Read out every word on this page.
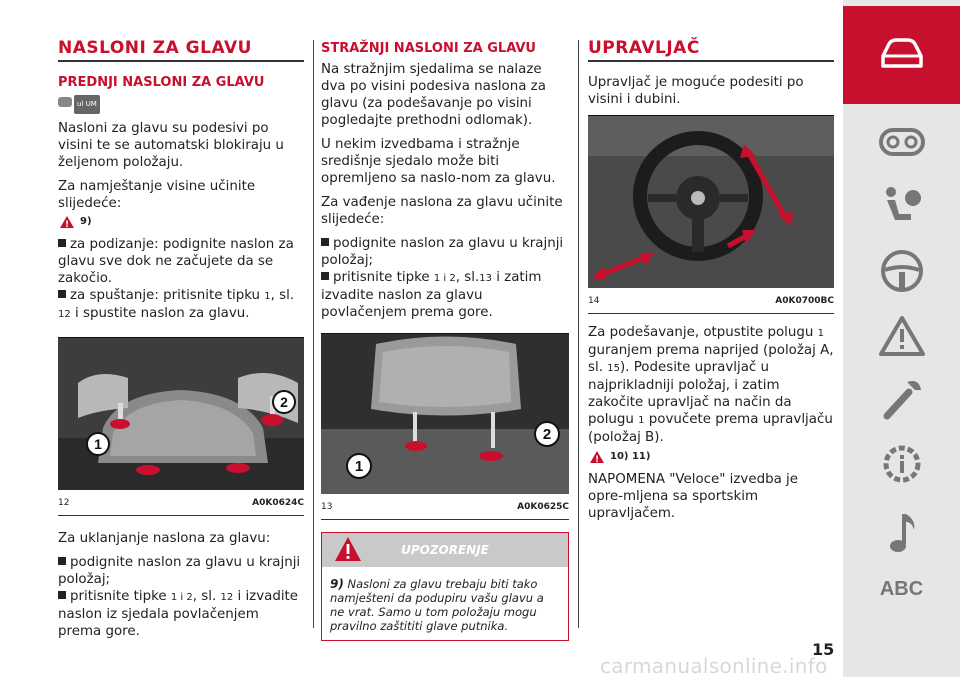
NASLONI ZA GLAVU
PREDNJI NASLONI ZA GLAVU
ul UM

Nasloni za glavu su podesivi po visini te se automatski blokiraju u željenom položaju.

Za namještanje visine učinite slijedeće:

!
9)

za podizanje: podignite naslon za glavu sve dok ne začujete da se zakočio.

za spuštanje: pritisnite tipku 1, sl. 12 i spustite naslon za glavu.

1
2
12	A0K0624C

Za uklanjanje naslona za glavu:

podignite naslon za glavu u krajnji položaj;

pritisnite tipke 1 i 2, sl. 12 i izvadite naslon iz sjedala povlačenjem prema gore.

STRAŽNJI NASLONI ZA GLAVU

Na stražnjim sjedalima se nalaze dva po visini podesiva naslona za glavu (za podešavanje po visini pogledajte prethodni odlomak).

U nekim izvedbama i stražnje središnje sjedalo može biti opremljeno sa naslo-nom za glavu.

Za vađenje naslona za glavu učinite slijedeće:

podignite naslon za glavu u krajnji položaj;

pritisnite tipke 1 i 2, sl.13 i zatim izvadite naslon za glavu povlačenjem prema gore.

1
2
13	A0K0625C
UPOZORENJE
9) Nasloni za glavu trebaju biti tako namješteni da podupiru vašu glavu a ne vrat. Samo u tom položaju mogu pravilno zaštititi glave putnika.
UPRAVLJAČ

Upravljač je moguće podesiti po visini i dubini.

14	A0K0700BC

Za podešavanje, otpustite polugu 1 guranjem prema naprijed (položaj A, sl. 15). Podesite upravljač u najprikladniji položaj, i zatim zakočite upravljač na način da polugu 1 povučete prema upravljaču (položaj B).

!
10) 11)

NAPOMENA "Veloce" izvedba je opre-mljena sa sportskim upravljačem.

ABC
15
carmanualsonline.info
